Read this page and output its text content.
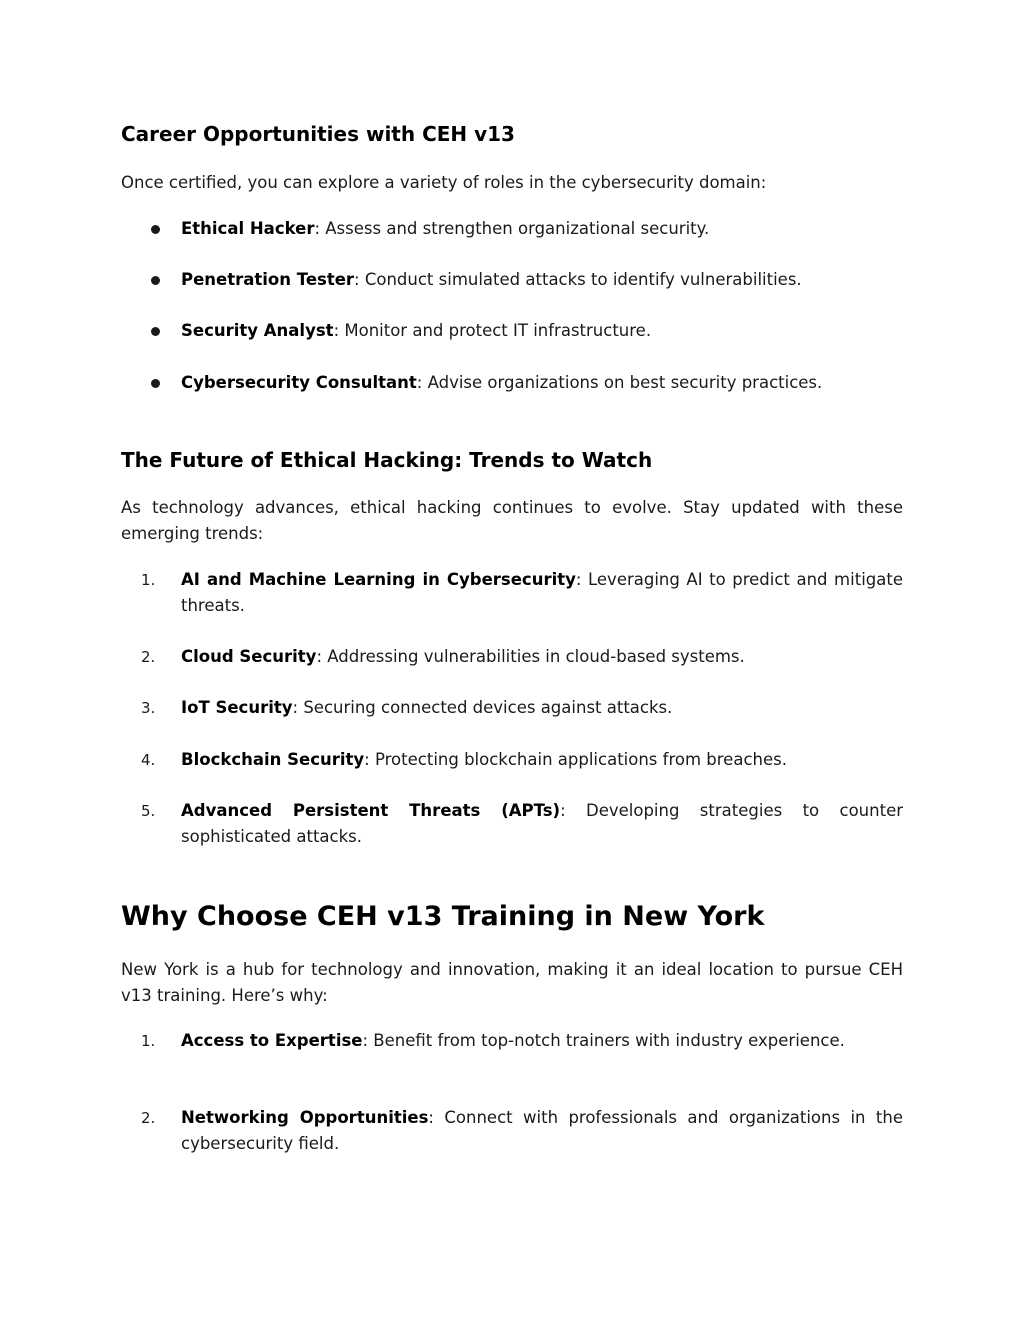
Career Opportunities with CEH v13

Once certified, you can explore a variety of roles in the cybersecurity domain:

Ethical Hacker: Assess and strengthen organizational security.
Penetration Tester: Conduct simulated attacks to identify vulnerabilities.
Security Analyst: Monitor and protect IT infrastructure.
Cybersecurity Consultant: Advise organizations on best security practices.
The Future of Ethical Hacking: Trends to Watch

As technology advances, ethical hacking continues to evolve. Stay updated with these emerging trends:

1.	AI and Machine Learning in Cybersecurity: Leveraging AI to predict and mitigate threats.
2.	Cloud Security: Addressing vulnerabilities in cloud-based systems.
3.	IoT Security: Securing connected devices against attacks.
4.	Blockchain Security: Protecting blockchain applications from breaches.
5.	Advanced Persistent Threats (APTs): Developing strategies to counter sophisticated attacks.
Why Choose CEH v13 Training in New York

New York is a hub for technology and innovation, making it an ideal location to pursue CEH v13 training. Here’s why:

1.	Access to Expertise: Benefit from top-notch trainers with industry experience.
2.	Networking Opportunities: Connect with professionals and organizations in the cybersecurity field.
